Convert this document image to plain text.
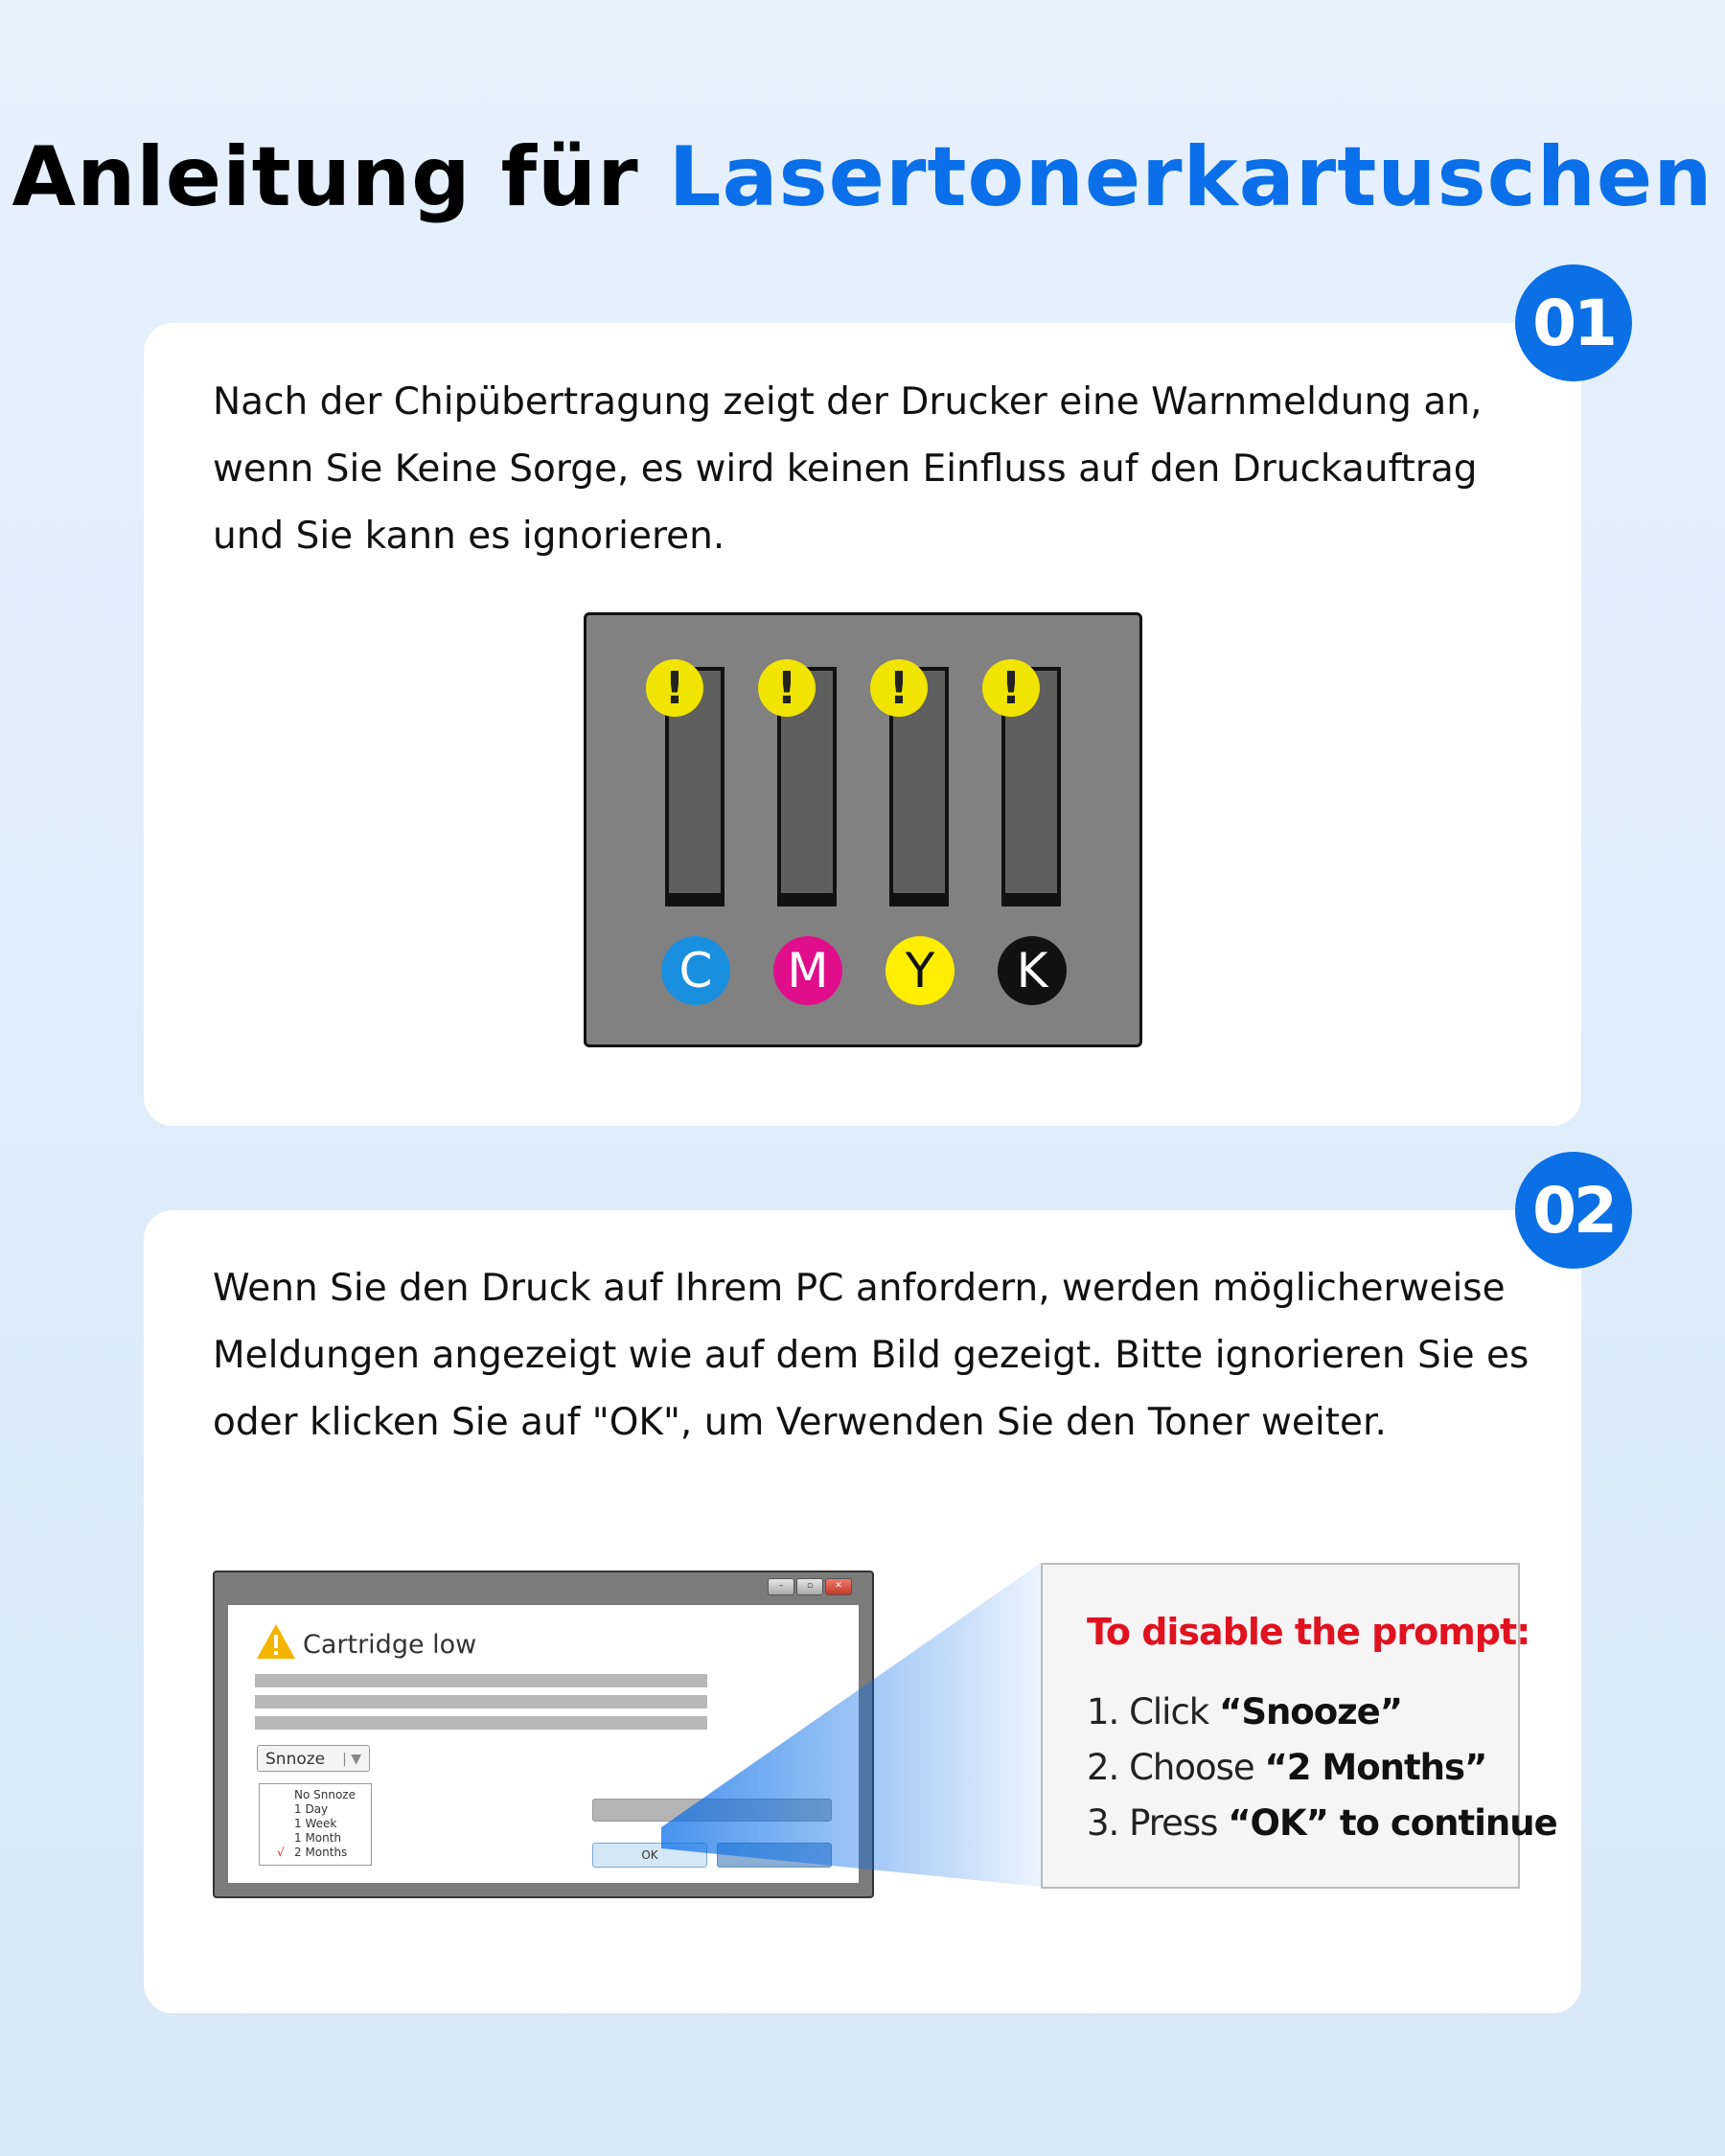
Anleitung für Lasertonerkartuschen

Nach der Chipübertragung zeigt der Drucker eine Warnmeldung an, wenn Sie Keine Sorge, es wird keinen Einfluss auf den Druckauftrag und Sie kann es ignorieren.

! ! ! !
C	M	Y	K
01

Wenn Sie den Druck auf Ihrem PC anfordern, werden möglicherweise Meldungen angezeigt wie auf dem Bild gezeigt. Bitte ignorieren Sie es oder klicken Sie auf "OK", um Verwenden Sie den Toner weiter.

–	▫	✕
Cartridge low
Snnoze | ▼
No Snnoze
1 Day
1 Week
1 Month
√ 2 Months	OK
To disable the prompt:
1. Click “Snooze”
2. Choose “2 Months”
3. Press “OK” to continue
02
